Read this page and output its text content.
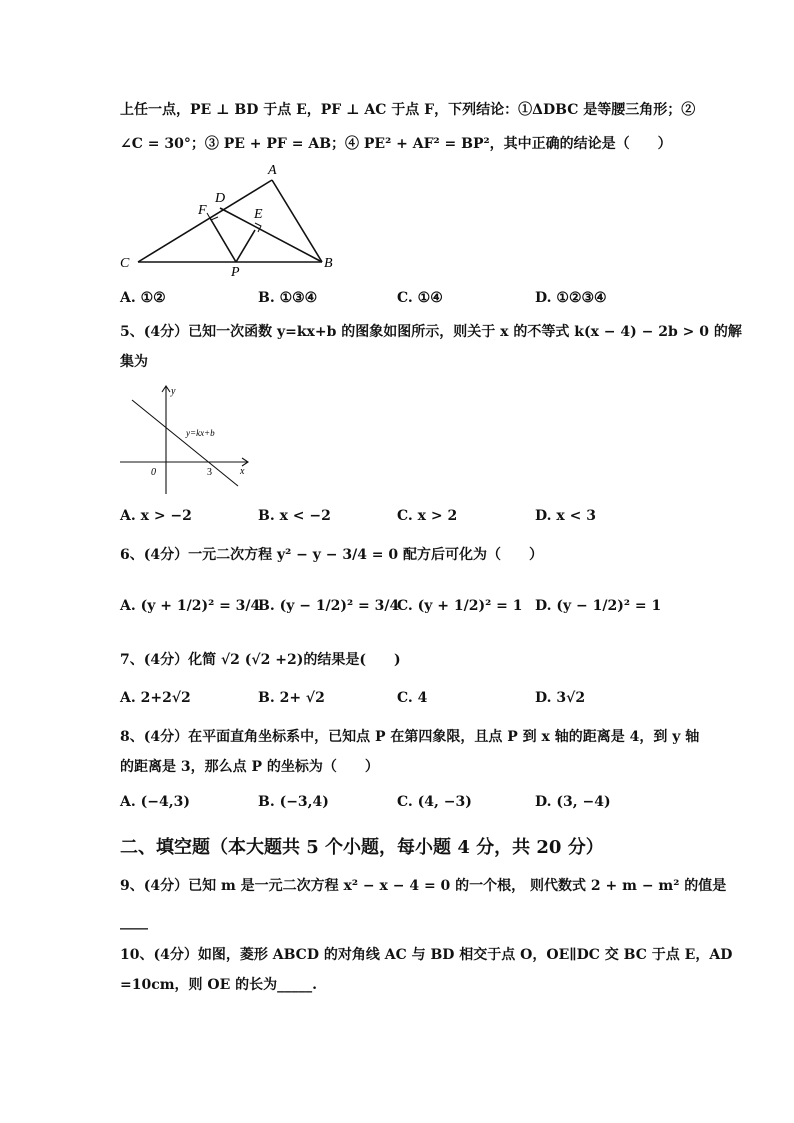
上任一点，PE ⊥ BD 于点 E，PF ⊥ AC 于点 F，下列结论：①ΔDBC 是等腰三角形；②
∠C = 30°；③ PE + PF = AB；④ PE² + AF² = BP²，其中正确的结论是（　　）
A
B
C
D
E
F
P
A. ①②	B. ①③④	C. ①④	D. ①②③④
5、(4分）已知一次函数 y=kx+b 的图象如图所示，则关于 x 的不等式 k(x − 4) − 2b > 0 的解
集为
y
x
0	3
y=kx+b
A. x > −2	B. x < −2	C. x > 2	D. x < 3
6、(4分）一元二次方程 y² − y − 3/4 = 0 配方后可化为（　　）
A. (y + 1/2)² = 3/4
B. (y − 1/2)² = 3/4
C. (y + 1/2)² = 1 D. (y − 1/2)² = 1
7、(4分）化简 √2 (√2 +2)的结果是(　　)
A. 2+2√2	B. 2+ √2	C. 4	D. 3√2
8、(4分）在平面直角坐标系中，已知点 P 在第四象限，且点 P 到 x 轴的距离是 4，到 y 轴
的距离是 3，那么点 P 的坐标为（　　）
A. (−4,3)	B. (−3,4)	C. (4, −3)	D. (3, −4)
二、填空题（本大题共 5 个小题，每小题 4 分，共 20 分）
9、(4分）已知 m 是一元二次方程 x² − x − 4 = 0 的一个根， 则代数式 2 + m − m² 的值是
____
10、(4分）如图，菱形 ABCD 的对角线 AC 与 BD 相交于点 O，OE∥DC 交 BC 于点 E，AD
=10cm，则 OE 的长为_____.
